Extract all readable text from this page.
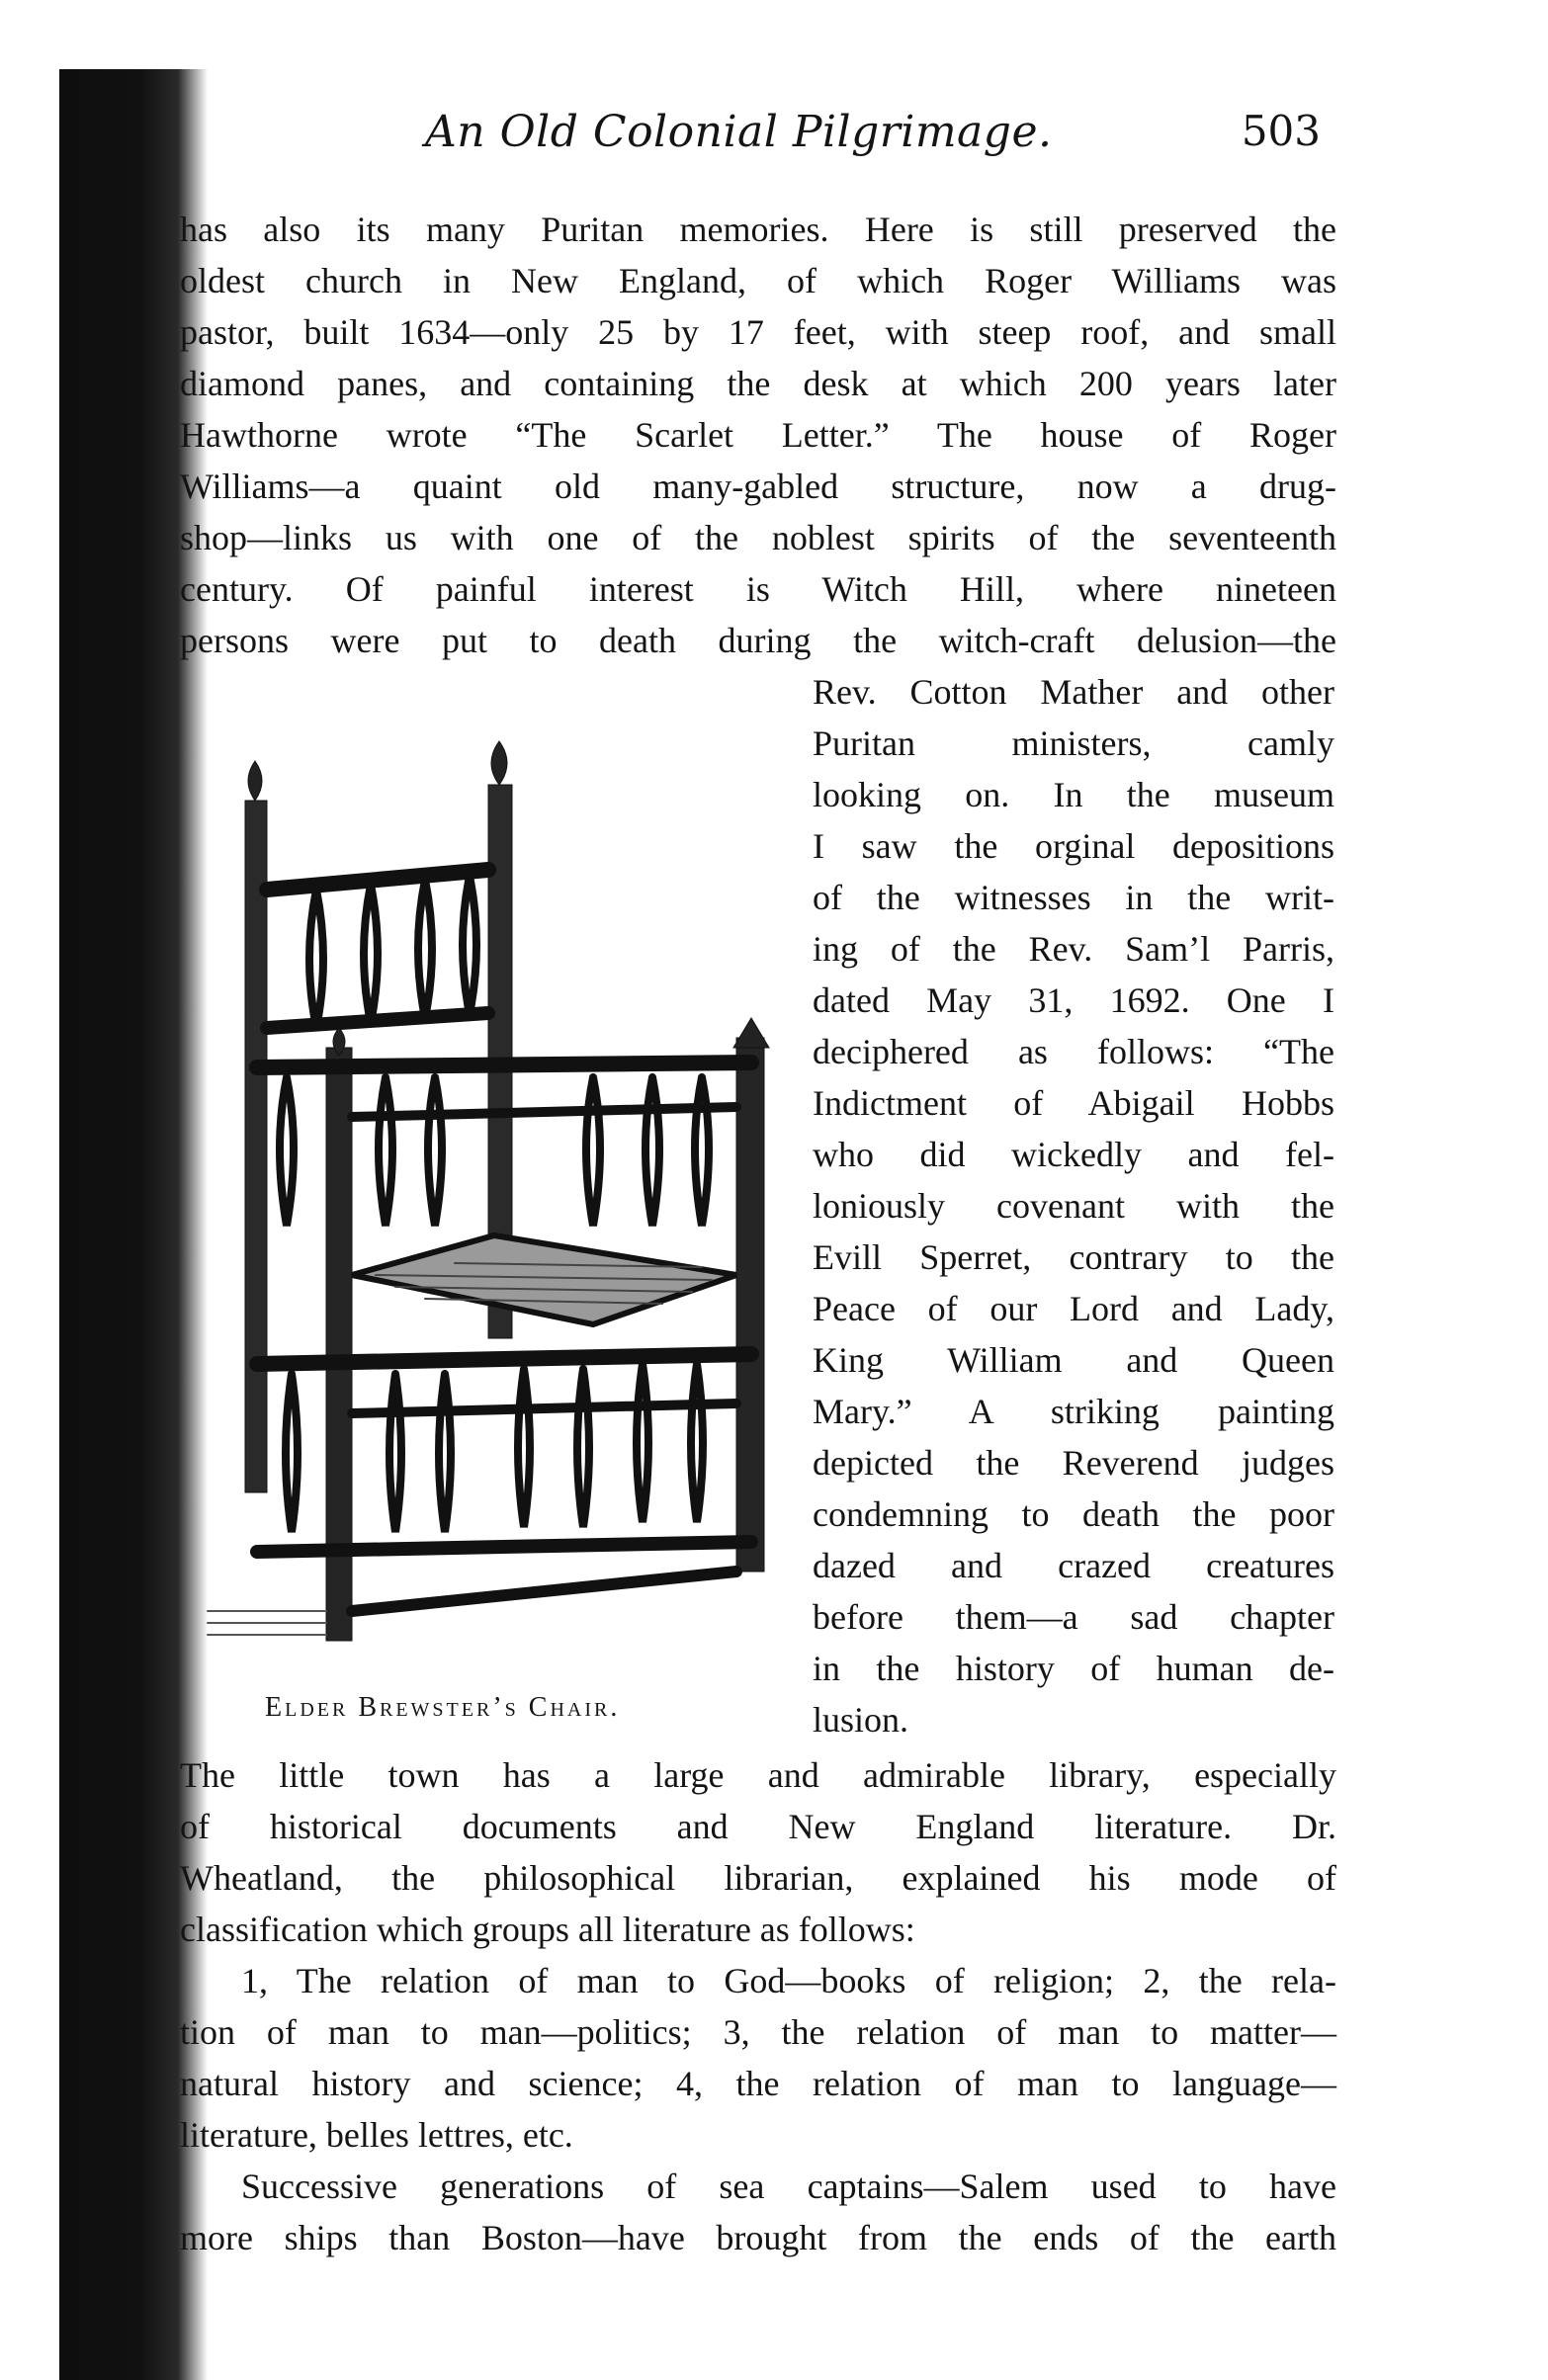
An Old Colonial Pilgrimage.	503
has also its many Puritan memories. Here is still preserved the
oldest church in New England, of which Roger Williams was
pastor, built 1634—only 25 by 17 feet, with steep roof, and small
diamond panes, and containing the desk at which 200 years later
Hawthorne wrote “The Scarlet Letter.” The house of Roger
Williams—a quaint old many-gabled structure, now a drug-
shop—links us with one of the noblest spirits of the seventeenth
century. Of painful interest is Witch Hill, where nineteen
persons were put to death during the witch-craft delusion—the
Rev. Cotton Mather and other
Puritan ministers, camly
looking on. In the museum
I saw the orginal depositions
of the witnesses in the writ-
ing of the Rev. Sam’l Parris,
dated May 31, 1692. One I
deciphered as follows: “The
Indictment of Abigail Hobbs
who did wickedly and fel-
loniously covenant with the
Evill Sperret, contrary to the
Peace of our Lord and Lady,
King William and Queen
Mary.” A striking painting
depicted the Reverend judges
condemning to death the poor
dazed and crazed creatures
before them—a sad chapter
in the history of human de-
lusion.
Elder Brewster’s Chair.
The little town has a large and admirable library, especially
of historical documents and New England literature. Dr.
Wheatland, the philosophical librarian, explained his mode of
classification which groups all literature as follows:
1, The relation of man to God—books of religion; 2, the rela-
tion of man to man—politics; 3, the relation of man to matter—
natural history and science; 4, the relation of man to language—
literature, belles lettres, etc.
Successive generations of sea captains—Salem used to have
more ships than Boston—have brought from the ends of the earth
